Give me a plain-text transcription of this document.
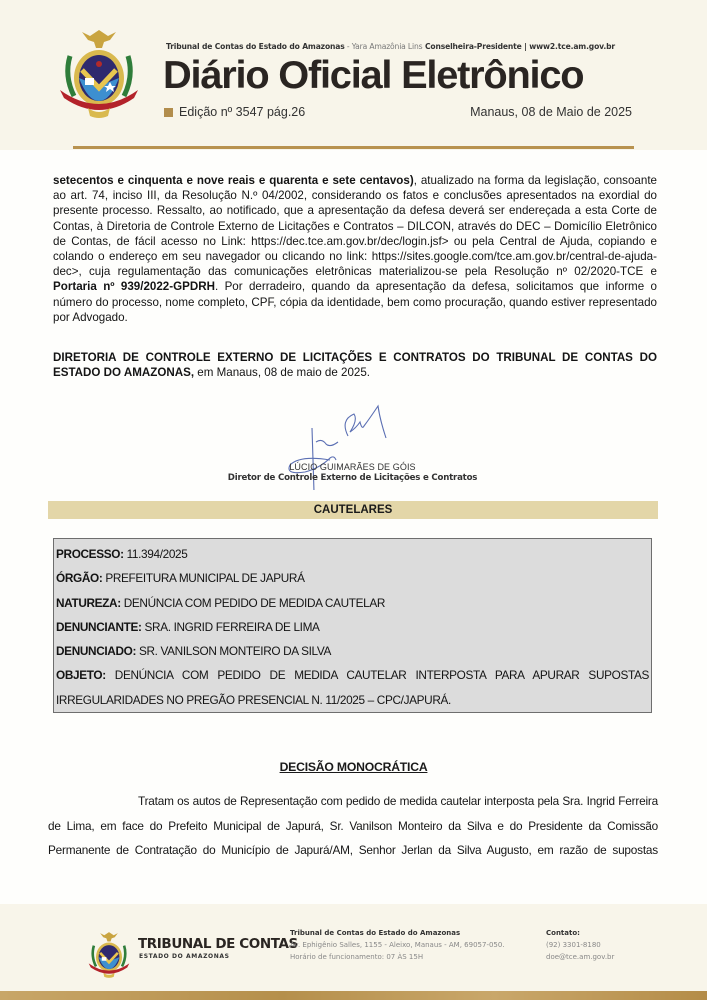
Tribunal de Contas do Estado do Amazonas - Yara Amazônia Lins Conselheira-Presidente | www2.tce.am.gov.br
Diário Oficial Eletrônico
Edição nº 3547 pág.26	Manaus, 08 de Maio de 2025
setecentos e cinquenta e nove reais e quarenta e sete centavos), atualizado na forma da legislação, consoante ao art. 74, inciso III, da Resolução N.º 04/2002, considerando os fatos e conclusões apresentados na exordial do presente processo. Ressalto, ao notificado, que a apresentação da defesa deverá ser endereçada a esta Corte de Contas, à Diretoria de Controle Externo de Licitações e Contratos – DILCON, através do DEC – Domicílio Eletrônico de Contas, de fácil acesso no Link: https://dec.tce.am.gov.br/dec/login.jsf> ou pela Central de Ajuda, copiando e colando o endereço em seu navegador ou clicando no link: https://sites.google.com/tce.am.gov.br/central-de-ajuda-dec>, cuja regulamentação das comunicações eletrônicas materializou-se pela Resolução nº 02/2020-TCE e Portaria nº 939/2022-GPDRH. Por derradeiro, quando da apresentação da defesa, solicitamos que informe o número do processo, nome completo, CPF, cópia da identidade, bem como procuração, quando estiver representado por Advogado.
DIRETORIA DE CONTROLE EXTERNO DE LICITAÇÕES E CONTRATOS DO TRIBUNAL DE CONTAS DO ESTADO DO AMAZONAS, em Manaus, 08 de maio de 2025.
LÚCIO GUIMARÃES DE GÓIS
Diretor de Controle Externo de Licitações e Contratos
CAUTELARES
PROCESSO: 11.394/2025
ÓRGÃO: PREFEITURA MUNICIPAL DE JAPURÁ
NATUREZA: DENÚNCIA COM PEDIDO DE MEDIDA CAUTELAR
DENUNCIANTE: SRA. INGRID FERREIRA DE LIMA
DENUNCIADO: SR. VANILSON MONTEIRO DA SILVA
OBJETO: DENÚNCIA COM PEDIDO DE MEDIDA CAUTELAR INTERPOSTA PARA APURAR SUPOSTAS
IRREGULARIDADES NO PREGÃO PRESENCIAL N. 11/2025 – CPC/JAPURÁ.
DECISÃO MONOCRÁTICA
Tratam os autos de Representação com pedido de medida cautelar interposta pela Sra. Ingrid Ferreira de Lima, em face do Prefeito Municipal de Japurá, Sr. Vanilson Monteiro da Silva e do Presidente da Comissão Permanente de Contratação do Município de Japurá/AM, Senhor Jerlan da Silva Augusto, em razão de supostas
TRIBUNAL DE CONTAS
ESTADO DO AMAZONAS
Tribunal de Contas do Estado do Amazonas
Av. Ephigênio Salles, 1155 - Aleixo, Manaus - AM, 69057-050.
Horário de funcionamento: 07 ÀS 15H
Contato:
(92) 3301-8180
doe@tce.am.gov.br
